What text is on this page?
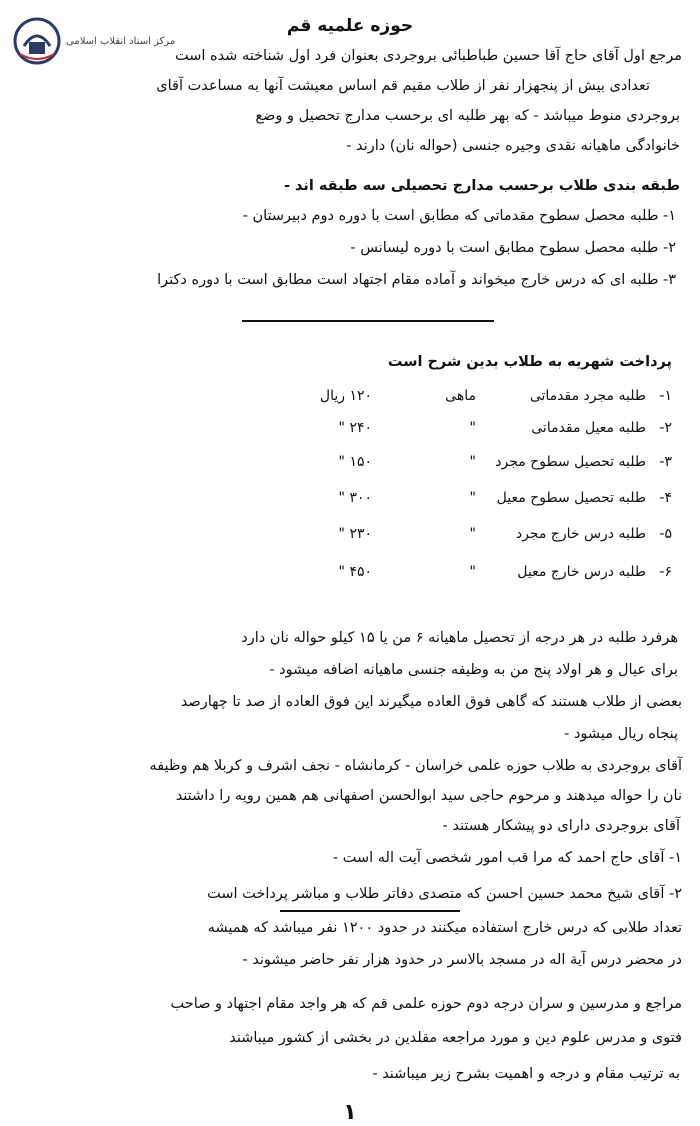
مرکز اسناد انقلاب اسلامی
حوزه علمیه قم
مرجع اول آقای حاج آقا حسین طباطبائی بروجردی بعنوان فرد اول شناخته شده است
تعدادی بیش از پنجهزار نفر از طلاب مقیم قم اساس معیشت آنها به مساعدت آقای
بروجردی منوط میباشد - که بهر طلبه ای برحسب مدارج تحصیل و وضع
خانوادگی ماهیانه نقدی وجیره جنسی (حواله نان) دارند -
طبقه بندی طلاب برحسب مدارج تحصیلی سه طبقه اند -
۱- طلبه محصل سطوح مقدماتی که مطابق است با دوره دوم دبیرستان -
۲- طلبه محصل سطوح مطابق است با دوره لیسانس -
۳- طلبه ای که درس خارج میخواند و آماده مقام اجتهاد است مطابق است با دوره دکترا
پرداخت شهریه به طلاب بدین شرح است
۱-
طلبه مجرد مقدماتی
ماهی
۱۲۰ ریال
۲-
طلبه معیل مقدماتی
"
۲۴۰ "
۳-
طلبه تحصیل سطوح مجرد
"
۱۵۰ "
۴-
طلبه تحصیل سطوح معیل
"
۳۰۰ "
۵-
طلبه درس خارج مجرد
"
۲۳۰ "
۶-
طلبه درس خارج معیل
"
۴۵۰ "
هرفرد طلبه در هر درجه از تحصیل ماهیانه ۶ من یا ۱۵ کیلو حواله نان دارد
برای عیال و هر اولاد پنج من به وظیفه جنسی ماهیانه اضافه میشود -
بعضی از طلاب هستند که گاهی فوق العاده میگیرند این فوق العاده از صد تا چهارصد
پنجاه ریال میشود -
آقای بروجردی به طلاب حوزه علمی خراسان - کرمانشاه - نجف اشرف و کربلا هم وظیفه
نان را حواله میدهند و مرحوم حاجی سید ابوالحسن اصفهانی هم همین رویه را داشتند
آقای بروجردی دارای دو پیشکار هستند -
۱- آقای حاج احمد که مرا قب امور شخصی آیت اله است -
۲- آقای شیخ محمد حسین احسن که متصدی دفاتر طلاب و مباشر پرداخت است
تعداد طلابی که درس خارج استفاده میکنند در حدود ۱۲۰۰ نفر میباشد که همیشه
در محضر درس آیة اله در مسجد بالاسر در حدود هزار نفر حاضر میشوند -
مراجع و مدرسین و سران درجه دوم حوزه علمی قم که هر واجد مقام اجتهاد و صاحب
فتوی و مدرس علوم دین و مورد مراجعه مقلدین در بخشی از کشور میباشند
به ترتیب مقام و درجه و اهمیت بشرح زیر میباشند -
۱
